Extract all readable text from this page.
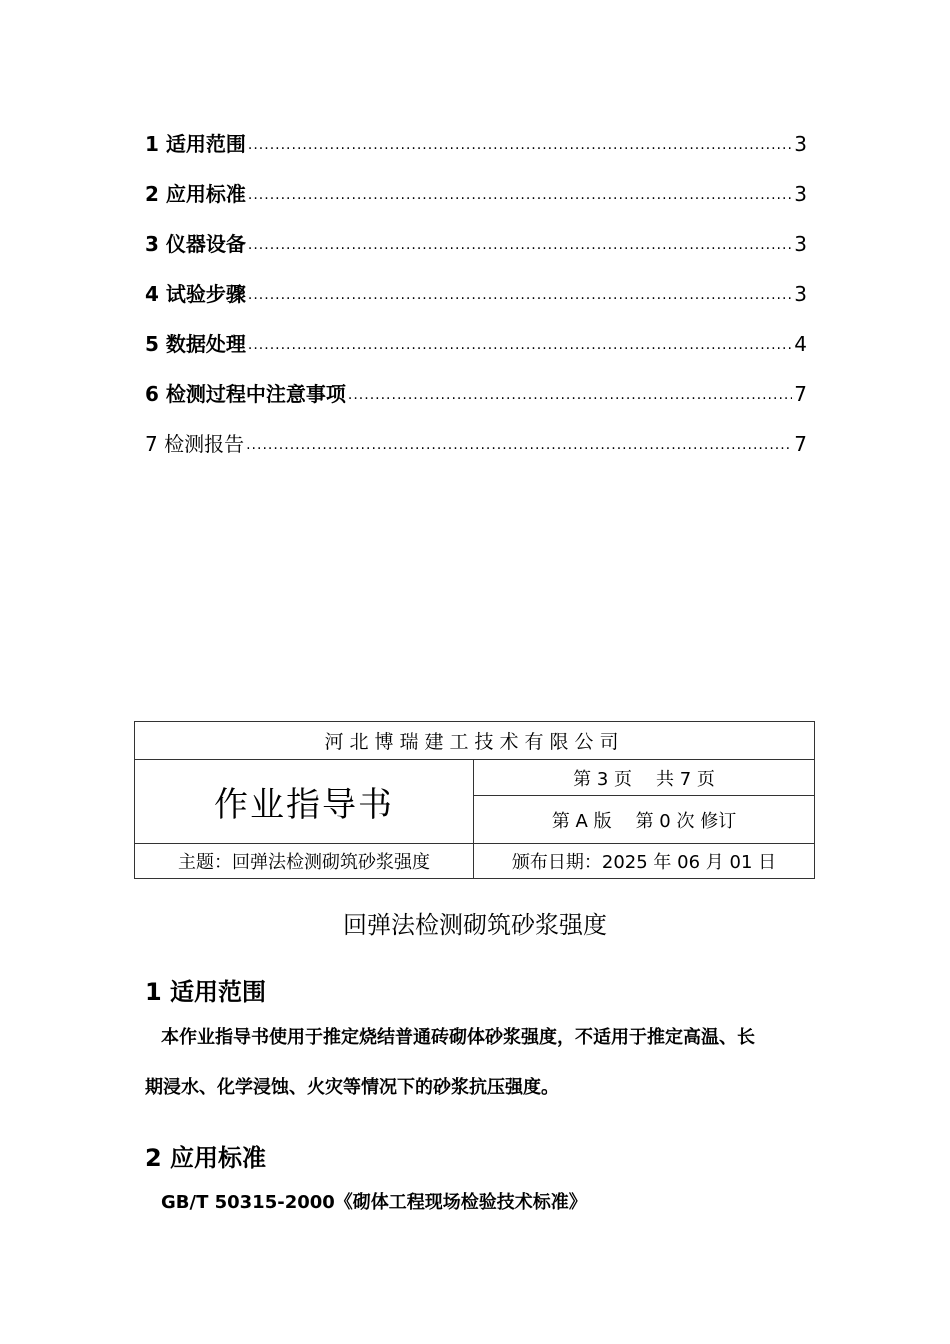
1 适用范围 .....	3
2 应用标准 .....	3
3 仪器设备 .....	3
4 试验步骤 .....	3
5 数据处理 .....	4
6 检测过程中注意事项 .....	7
7 检测报告 .....	7
河北博瑞建工技术有限公司	
作业指导书	第 3 页 共 7 页
	第 A 版 第 0 次 修订
主题：回弹法检测砌筑砂浆强度	颁布日期：2025 年 06 月 01 日
回弹法检测砌筑砂浆强度
1 适用范围
本作业指导书使用于推定烧结普通砖砌体砂浆强度，不适用于推定高温、长
期浸水、化学浸蚀、火灾等情况下的砂浆抗压强度。
2 应用标准
GB/T 50315-2000《砌体工程现场检验技术标准》
